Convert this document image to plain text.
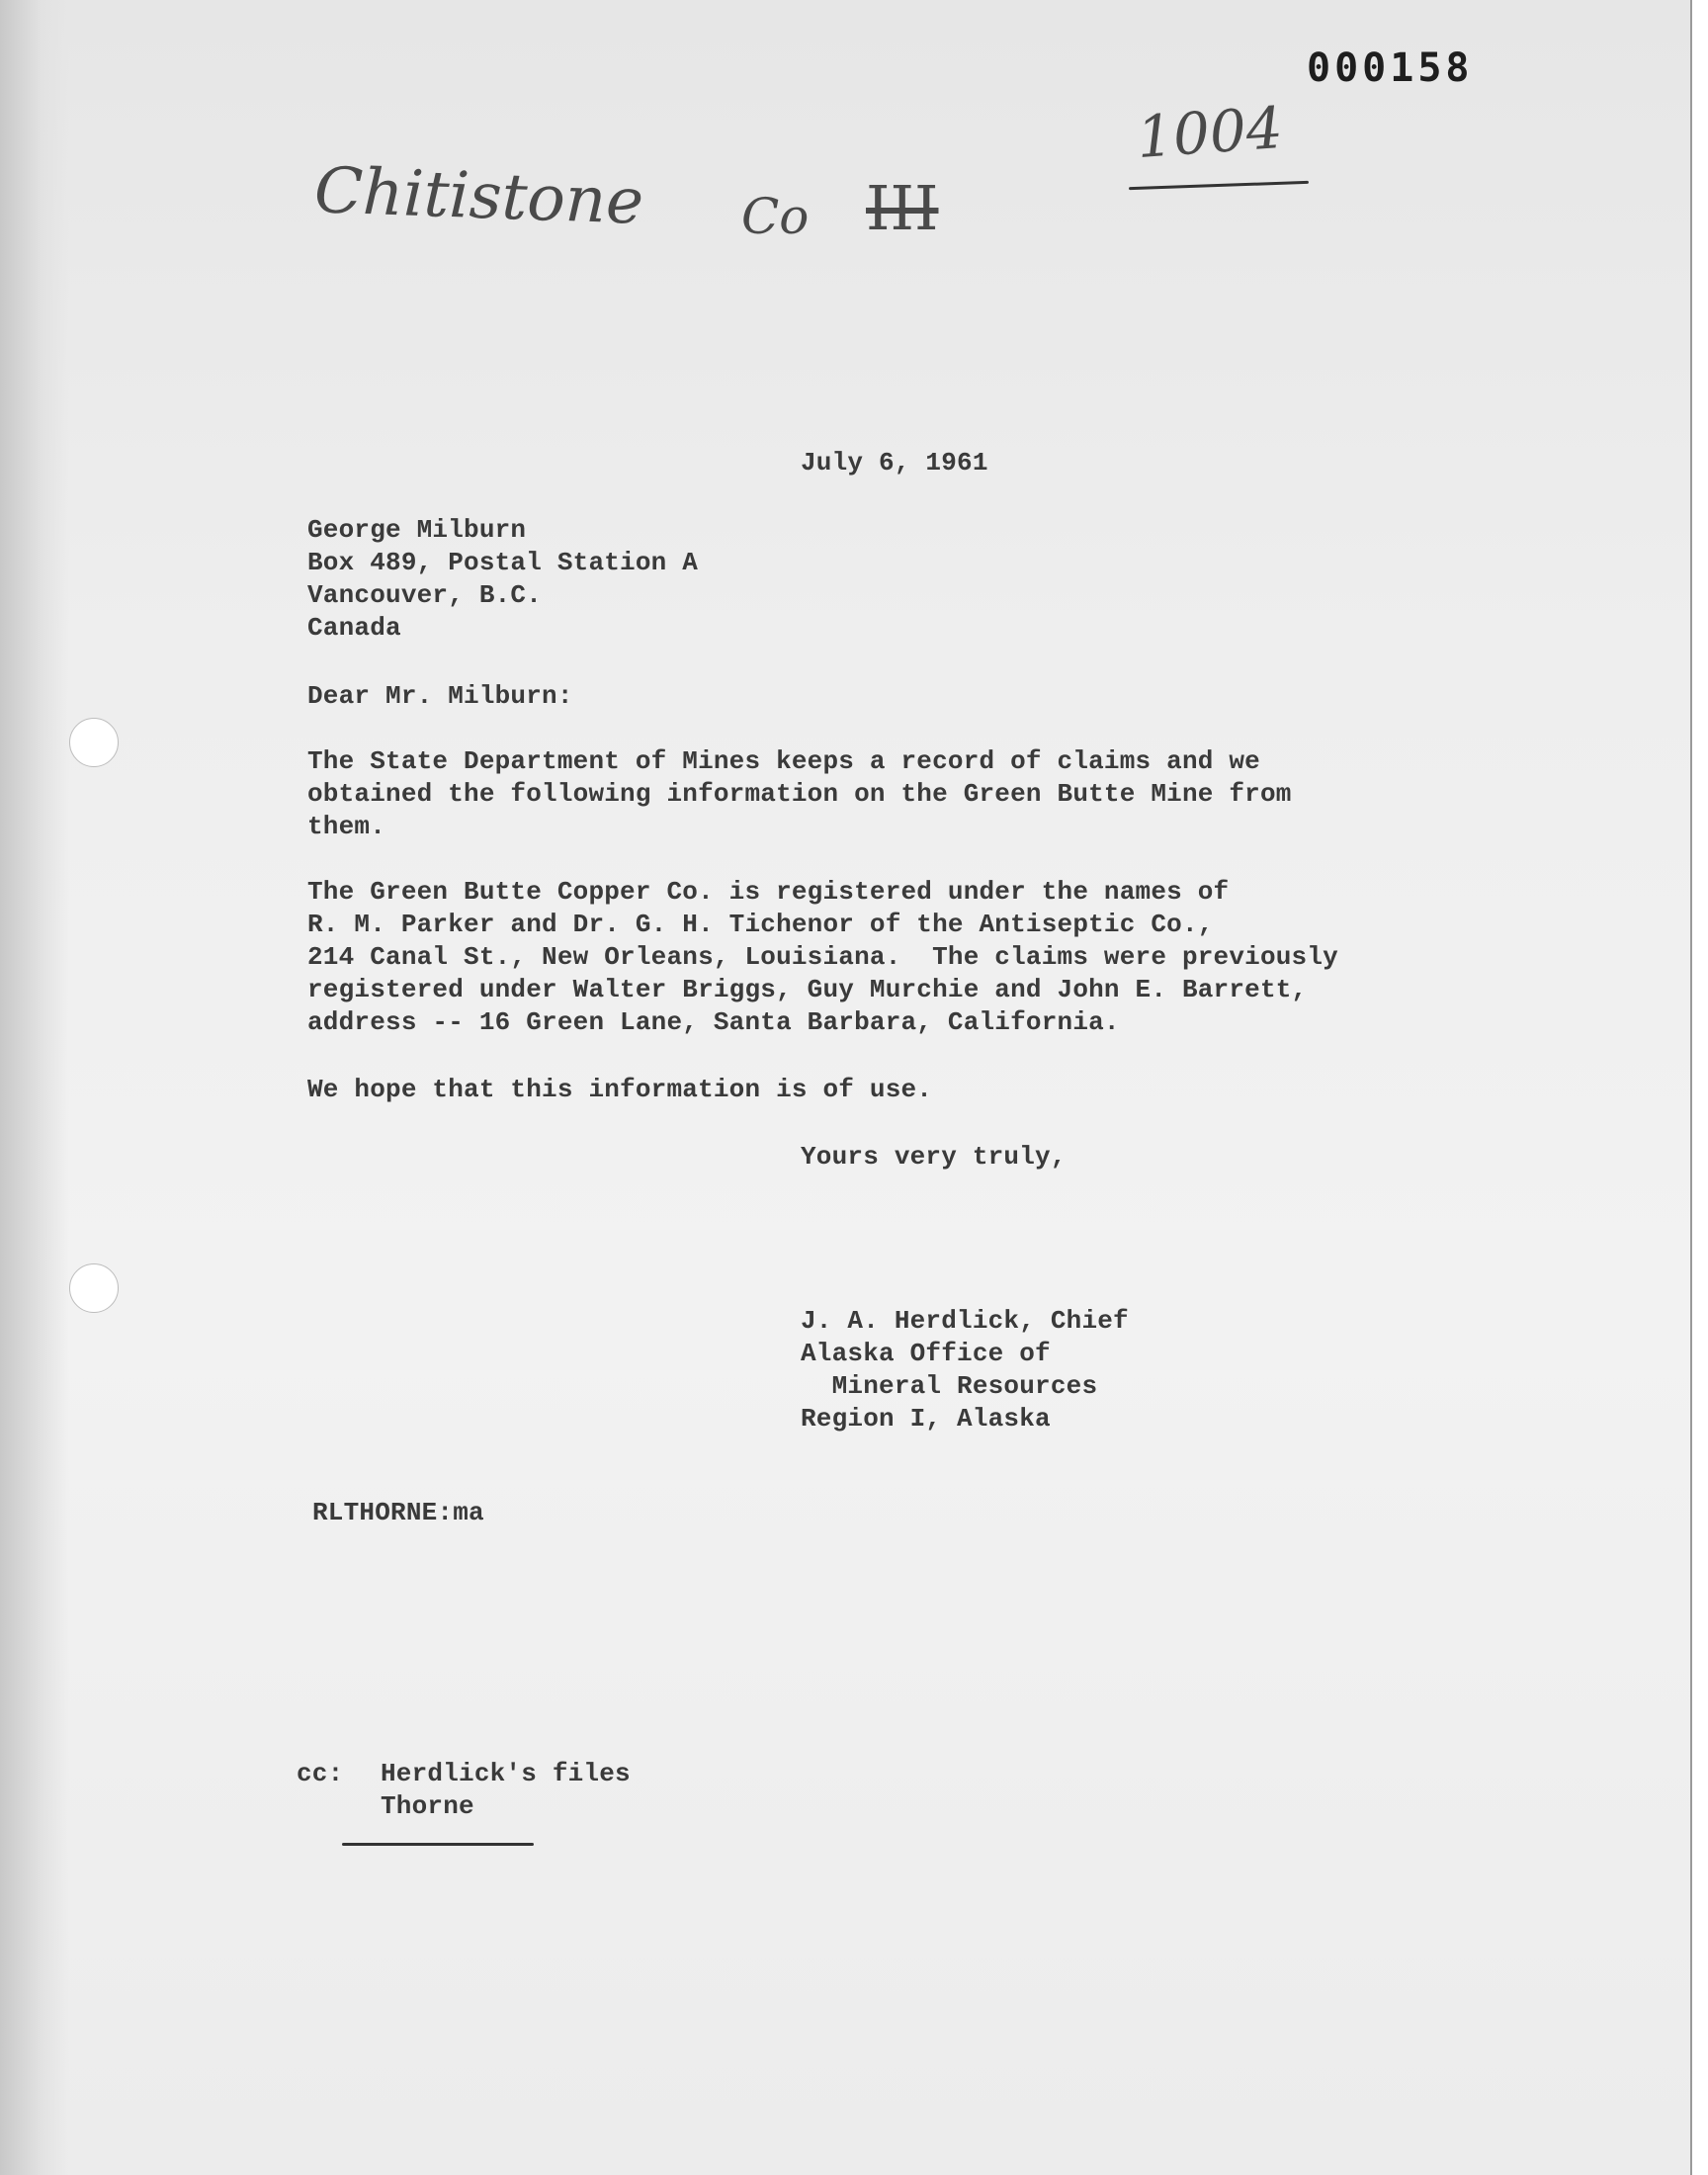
000158
1004
Chitistone Co III
July 6, 1961
George Milburn
Box 489, Postal Station A
Vancouver, B.C.
Canada
Dear Mr. Milburn:
The State Department of Mines keeps a record of claims and we
obtained the following information on the Green Butte Mine from
them.
The Green Butte Copper Co. is registered under the names of
R. M. Parker and Dr. G. H. Tichenor of the Antiseptic Co.,
214 Canal St., New Orleans, Louisiana.  The claims were previously
registered under Walter Briggs, Guy Murchie and John E. Barrett,
address -- 16 Green Lane, Santa Barbara, California.
We hope that this information is of use.
Yours very truly,
J. A. Herdlick, Chief
Alaska Office of
Mineral Resources
Region I, Alaska
RLTHORNE:ma
cc: Herdlick's files
Thorne
